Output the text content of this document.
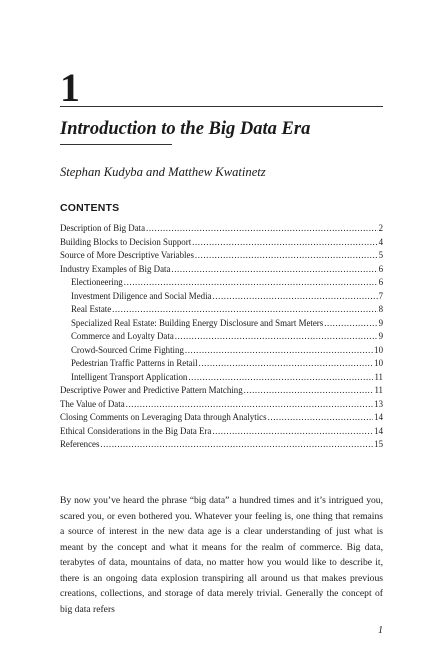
1
Introduction to the Big Data Era

Stephan Kudyba and Matthew Kwatinetz

CONTENTS
Description of Big Data .....	2
Building Blocks to Decision Support .....	4
Source of More Descriptive Variables .....	5
Industry Examples of Big Data .....	6
Electioneering .....	6
Investment Diligence and Social Media .....	7
Real Estate .....	8
Specialized Real Estate: Building Energy Disclosure and Smart Meters .....	9
Commerce and Loyalty Data .....	9
Crowd-Sourced Crime Fighting .....	10
Pedestrian Traffic Patterns in Retail .....	10
Intelligent Transport Application .....	11
Descriptive Power and Predictive Pattern Matching .....	11
The Value of Data .....	13
Closing Comments on Leveraging Data through Analytics .....	14
Ethical Considerations in the Big Data Era .....	14
References .....	15

By now you’ve heard the phrase “big data” a hundred times and it’s intrigued you, scared you, or even bothered you. Whatever your feeling is, one thing that remains a source of interest in the new data age is a clear understanding of just what is meant by the concept and what it means for the realm of commerce. Big data, terabytes of data, mountains of data, no matter how you would like to describe it, there is an ongoing data explosion transpiring all around us that makes previous creations, collections, and storage of data merely trivial. Generally the concept of big data refers

1
